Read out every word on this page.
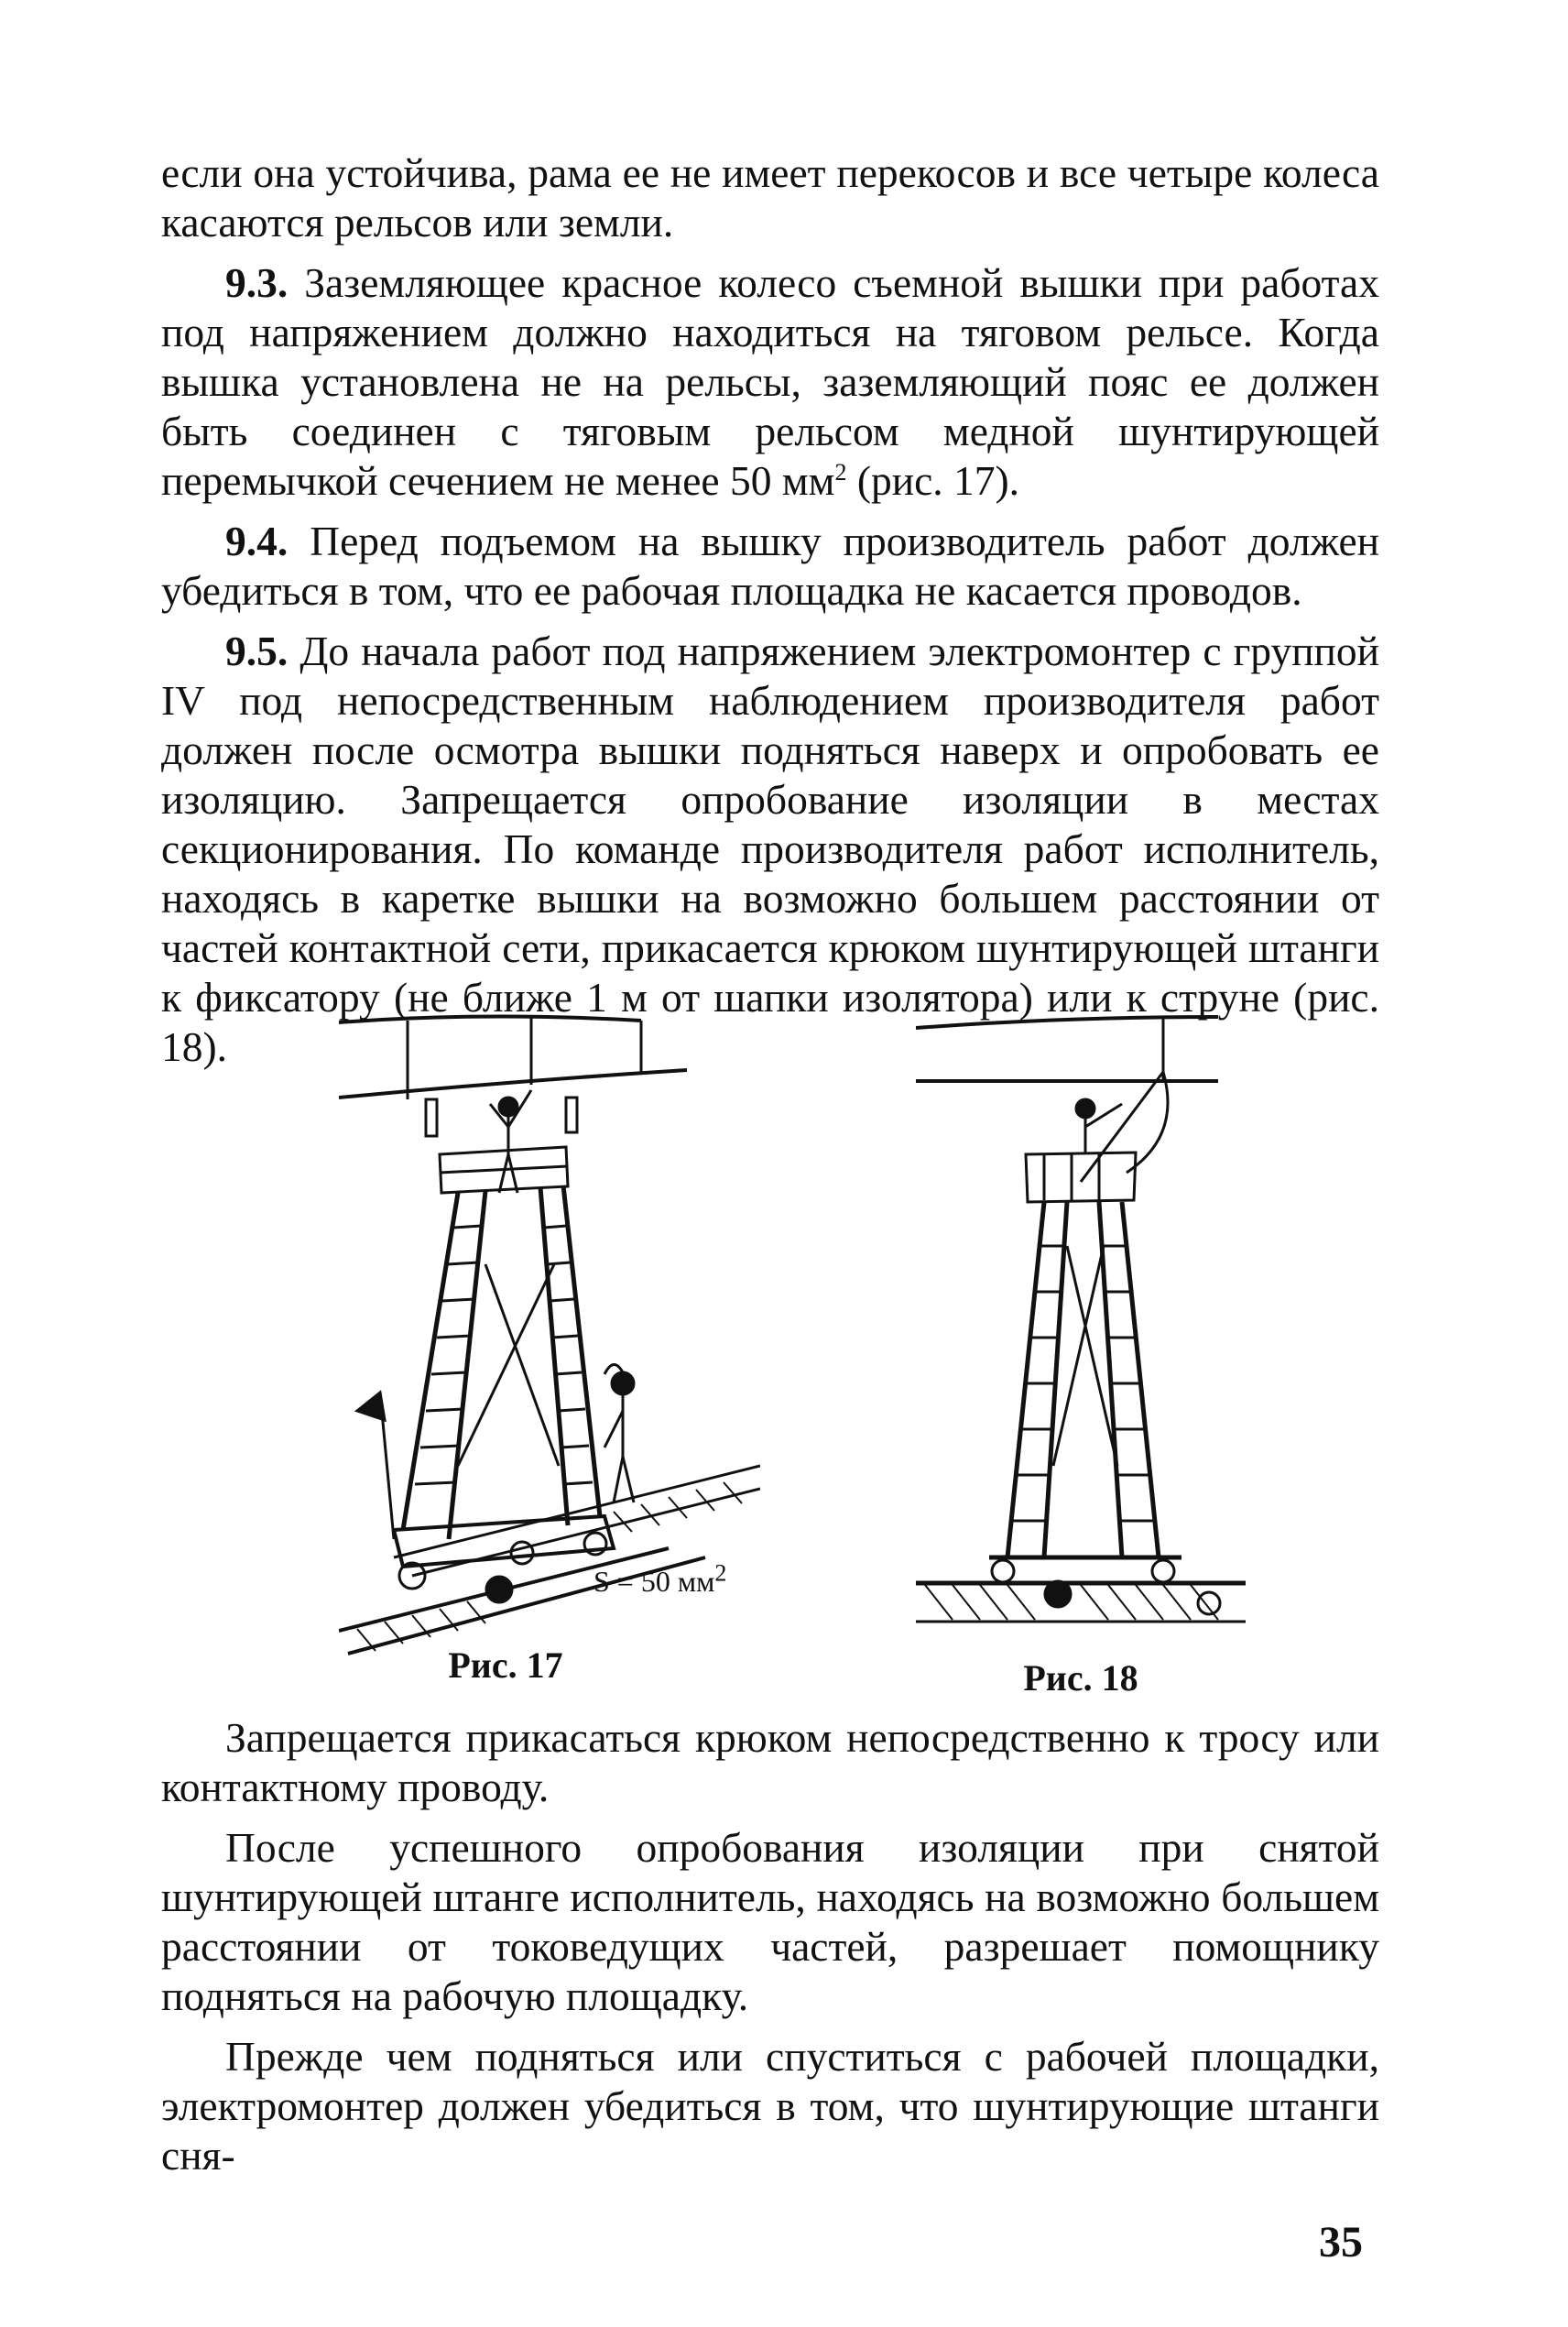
если она устойчива, рама ее не имеет перекосов и все четыре колеса касаются рельсов или земли.

9.3. Заземляющее красное колесо съемной вышки при работах под напряжением должно находиться на тяговом рельсе. Когда вышка установлена не на рельсы, заземляющий пояс ее должен быть соединен с тяговым рельсом медной шунтирующей перемычкой сечением не менее 50 $мм^2$ (рис. 17).

9.4. Перед подъемом на вышку производитель работ должен убедиться в том, что ее рабочая площадка не касается проводов.

9.5. До начала работ под напряжением электромонтер с группой IV под непосредственным наблюдением производителя работ должен после осмотра вышки подняться наверх и опробовать ее изоляцию. Запрещается опробование изоляции в местах секционирования. По команде производителя работ исполнитель, находясь в каретке вышки на возможно большем расстоянии от частей контактной сети, прикасается крюком шунтирующей штанги к фиксатору (не ближе 1 м от шапки изолятора) или к струне (рис. 18).

S = 50 $мм^2$
Рис. 17	Рис. 18

Запрещается прикасаться крюком непосредственно к тросу или контактному проводу.

После успешного опробования изоляции при снятой шунтирующей штанге исполнитель, находясь на возможно большем расстоянии от токоведущих частей, разрешает помощнику подняться на рабочую площадку.

Прежде чем подняться или спуститься с рабочей площадки, электромонтер должен убедиться в том, что шунтирующие штанги сня-

35
